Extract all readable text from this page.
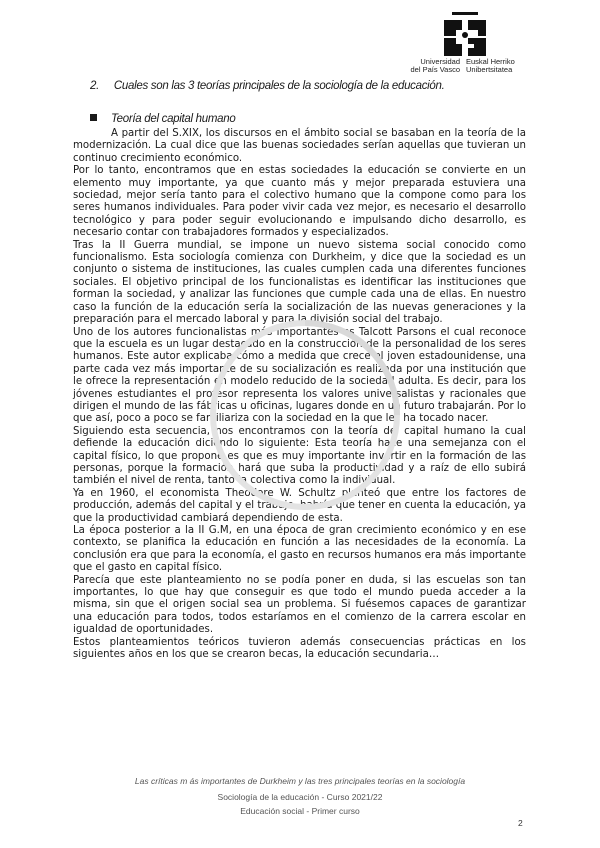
Universidad
del País Vasco
Euskal Herriko
Unibertsitatea
2. Cuales son las 3 teorías principales de la sociología de la educación.
Teoría del capital humano

A partir del S.XIX, los discursos en el ámbito social se basaban en la teoría de la modernización. La cual dice que las buenas sociedades serían aquellas que tuvieran un continuo crecimiento económico.

Por lo tanto, encontramos que en estas sociedades la educación se convierte en un elemento muy importante, ya que cuanto más y mejor preparada estuviera una sociedad, mejor sería tanto para el colectivo humano que la compone como para los seres humanos individuales. Para poder vivir cada vez mejor, es necesario el desarrollo tecnológico y para poder seguir evolucionando e impulsando dicho desarrollo, es necesario contar con trabajadores formados y especializados.

Tras la II Guerra mundial, se impone un nuevo sistema social conocido como funcionalismo. Esta sociología comienza con Durkheim, y dice que la sociedad es un conjunto o sistema de instituciones, las cuales cumplen cada una diferentes funciones sociales. El objetivo principal de los funcionalistas es identificar las instituciones que forman la sociedad, y analizar las funciones que cumple cada una de ellas. En nuestro caso la función de la educación sería la socialización de las nuevas generaciones y la preparación para el mercado laboral y para la división social del trabajo.

Uno de los autores funcionalistas más importantes es Talcott Parsons el cual reconoce que la escuela es un lugar destacado en la construcción de la personalidad de los seres humanos. Este autor explicaba cómo a medida que crece el joven estadounidense, una parte cada vez más importante de su socialización es realizada por una institución que le ofrece la representación en modelo reducido de la sociedad adulta. Es decir, para los jóvenes estudiantes el profesor representa los valores universalistas y racionales que dirigen el mundo de las fábricas u oficinas, lugares donde en un futuro trabajarán. Por lo que así, poco a poco se familiariza con la sociedad en la que les ha tocado nacer.

Siguiendo esta secuencia, nos encontramos con la teoría del capital humano la cual defiende la educación diciendo lo siguiente: Esta teoría hace una semejanza con el capital físico, lo que propone es que es muy importante invertir en la formación de las personas, porque la formación hará que suba la productividad y a raíz de ello subirá también el nivel de renta, tanto la colectiva como la individual.

Ya en 1960, el economista Theodore W. Schultz planteó que entre los factores de producción, además del capital y el trabajo, habría que tener en cuenta la educación, ya que la productividad cambiará dependiendo de esta.

La época posterior a la II G.M, en una época de gran crecimiento económico y en ese contexto, se planifica la educación en función a las necesidades de la economía. La conclusión era que para la economía, el gasto en recursos humanos era más importante que el gasto en capital físico.

Parecía que este planteamiento no se podía poner en duda, si las escuelas son tan importantes, lo que hay que conseguir es que todo el mundo pueda acceder a la misma, sin que el origen social sea un problema. Si fuésemos capaces de garantizar una educación para todos, todos estaríamos en el comienzo de la carrera escolar en igualdad de oportunidades.

Estos planteamientos teóricos tuvieron además consecuencias prácticas en los siguientes años en los que se crearon becas, la educación secundaria…

Las críticas m ás importantes de Durkheim y las tres principales teorías en la sociología
Sociología de la educación - Curso 2021/22
Educación social - Primer curso
2
